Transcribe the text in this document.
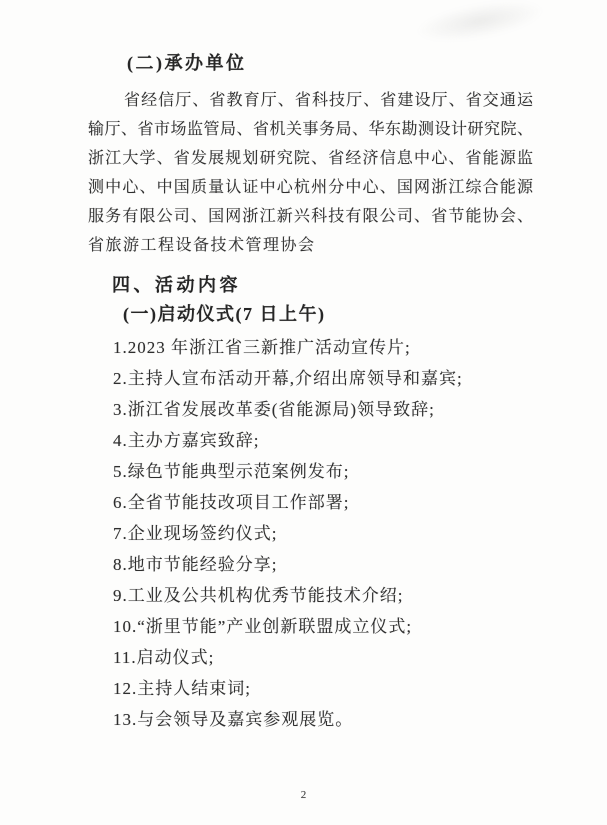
(二)承办单位
省经信厅、省教育厅、省科技厅、省建设厅、省交通运
输厅、省市场监管局、省机关事务局、华东勘测设计研究院、
浙江大学、省发展规划研究院、省经济信息中心、省能源监
测中心、中国质量认证中心杭州分中心、国网浙江综合能源
服务有限公司、国网浙江新兴科技有限公司、省节能协会、
省旅游工程设备技术管理协会
四、活动内容
(一)启动仪式(7 日上午)
1.2023 年浙江省三新推广活动宣传片;
2.主持人宣布活动开幕,介绍出席领导和嘉宾;
3.浙江省发展改革委(省能源局)领导致辞;
4.主办方嘉宾致辞;
5.绿色节能典型示范案例发布;
6.全省节能技改项目工作部署;
7.企业现场签约仪式;
8.地市节能经验分享;
9.工业及公共机构优秀节能技术介绍;
10.“浙里节能”产业创新联盟成立仪式;
11.启动仪式;
12.主持人结束词;
13.与会领导及嘉宾参观展览。
2
